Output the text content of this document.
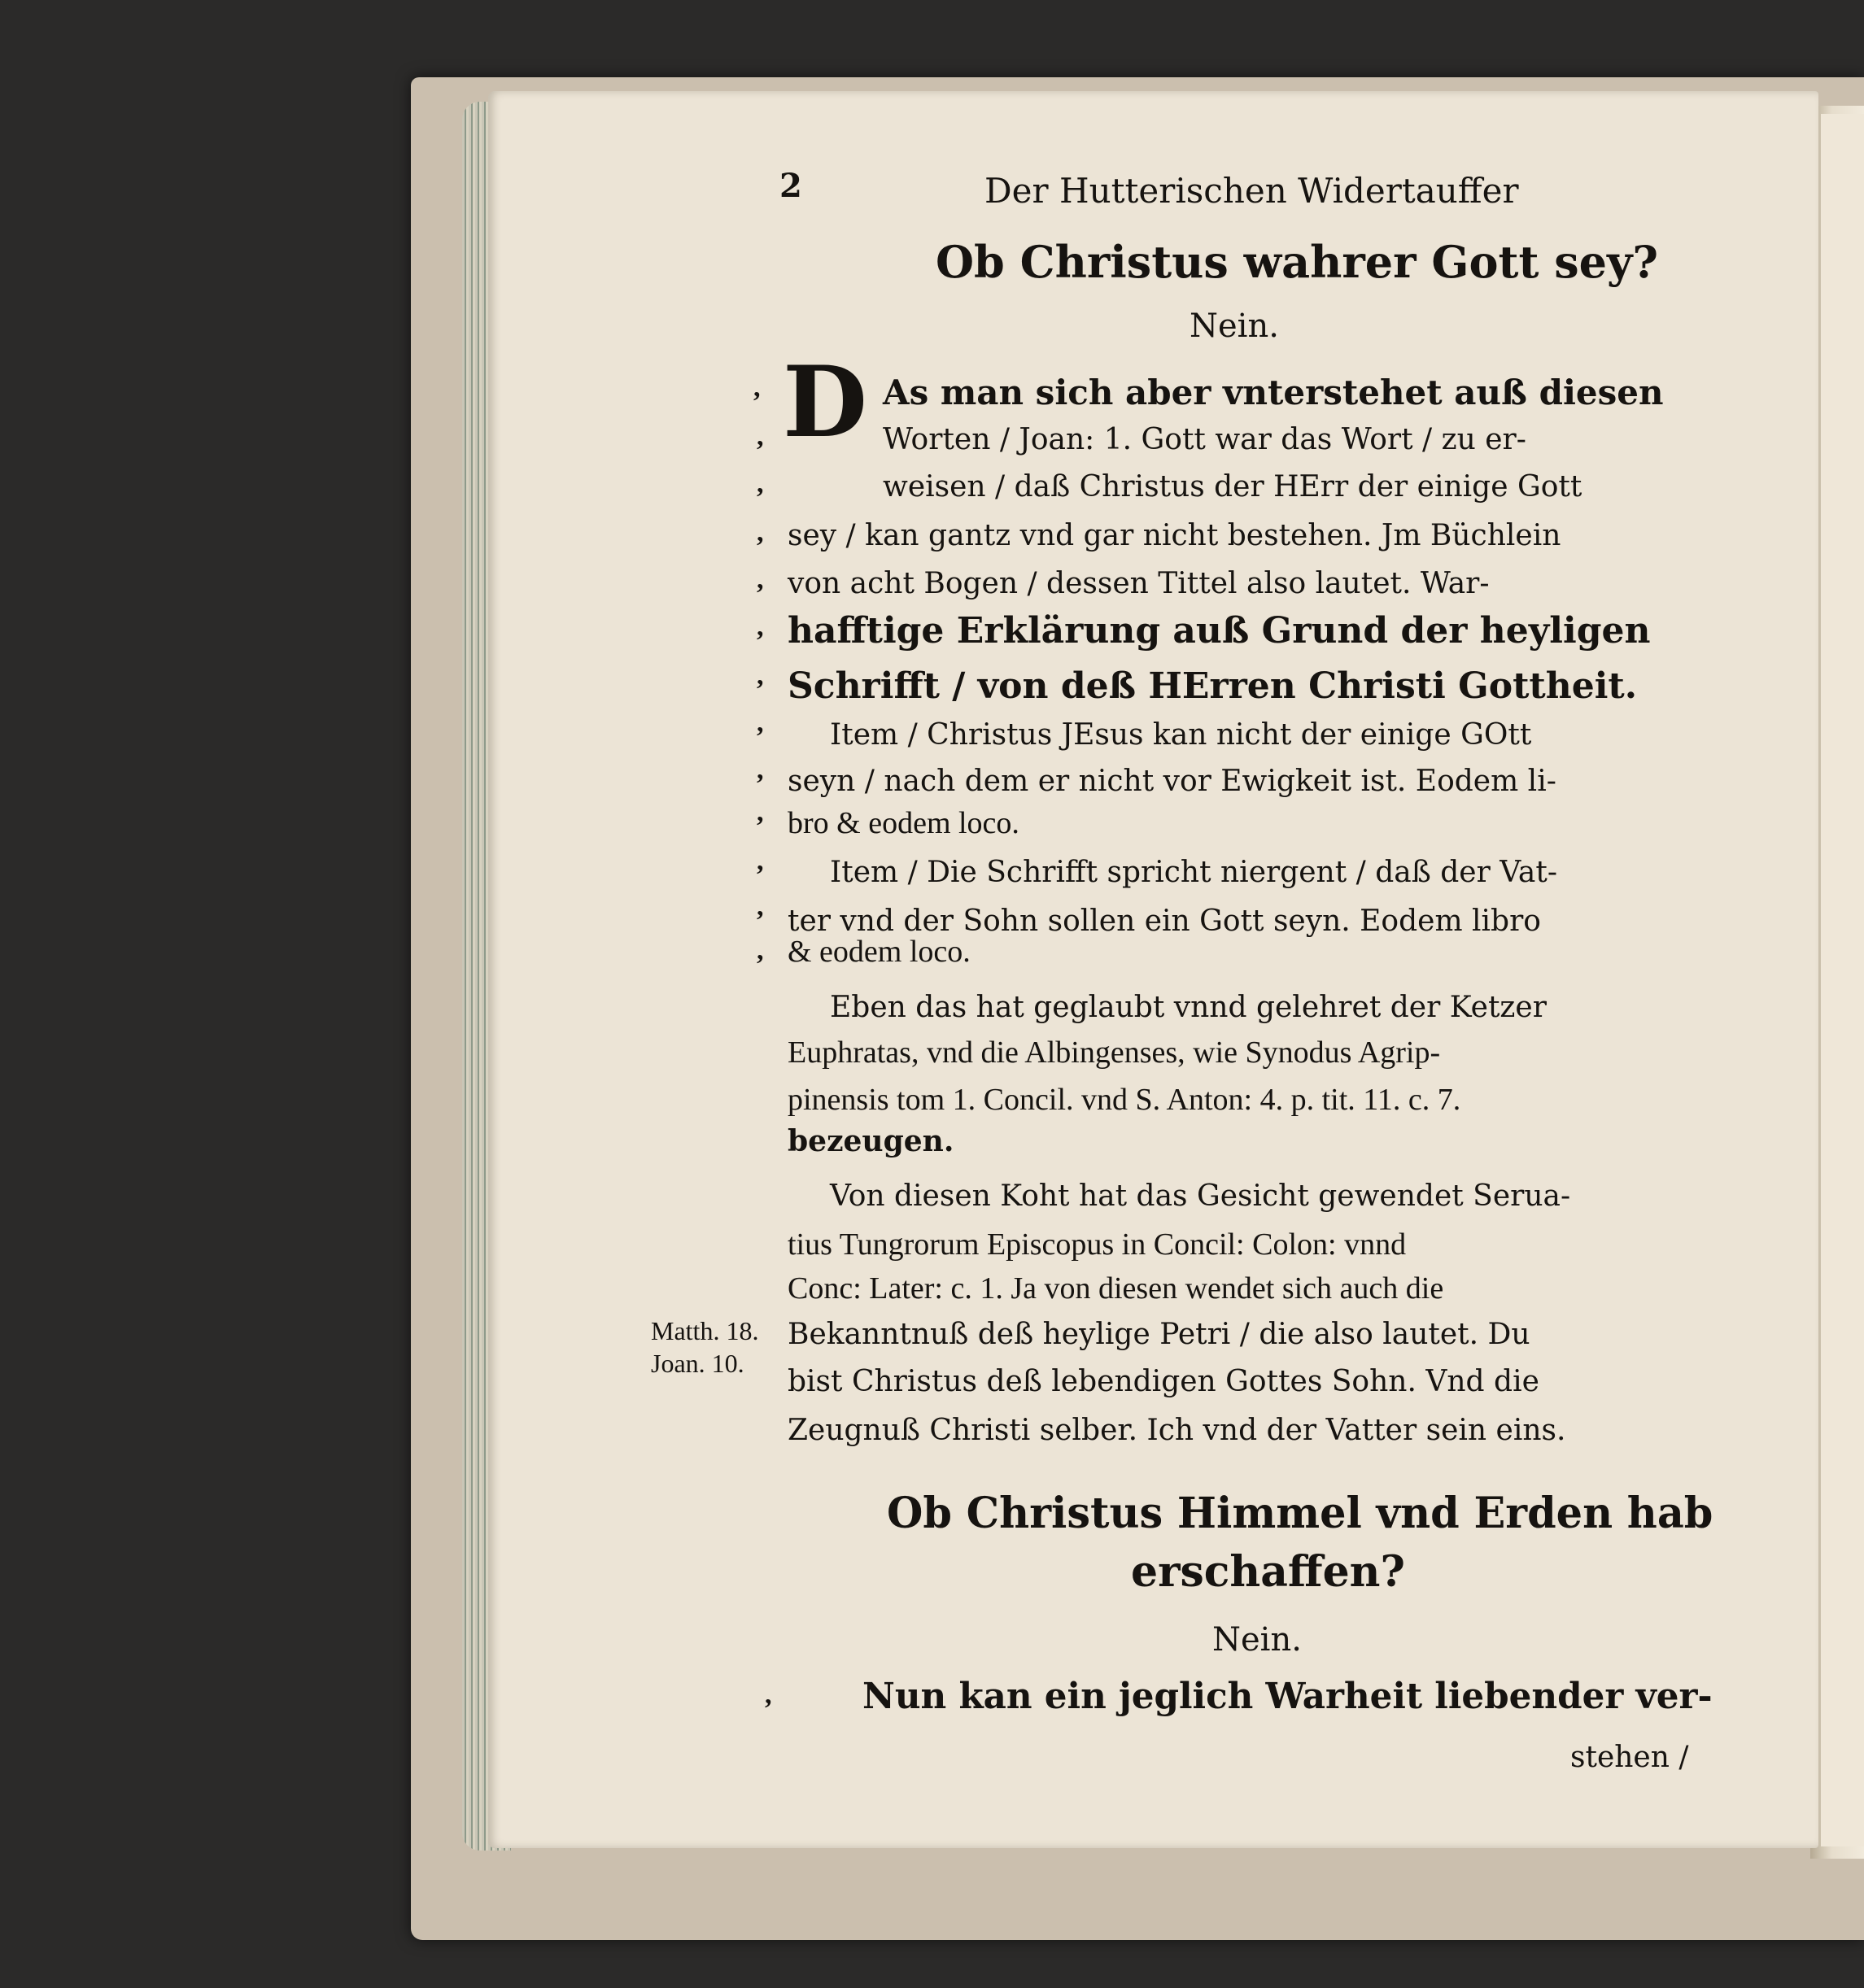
2	Der Hutterischen Widertauffer
Ob Christus wahrer Gott sey?
Nein.
D As man sich aber vnterstehet auß diesen
Worten / Joan: 1. Gott war das Wort / zu er-
weisen / daß Christus der HErr der einige Gott
sey / kan gantz vnd gar nicht bestehen. Jm Büchlein
von acht Bogen / dessen Tittel also lautet. War-
hafftige Erklärung auß Grund der heyligen
Schrifft / von deß HErren Christi Gottheit.
Item / Christus JEsus kan nicht der einige GOtt
seyn / nach dem er nicht vor Ewigkeit ist. Eodem li-
bro & eodem loco.
Item / Die Schrifft spricht niergent / daß der Vat-
ter vnd der Sohn sollen ein Gott seyn. Eodem libro
& eodem loco.
Eben das hat geglaubt vnnd gelehret der Ketzer
Euphratas, vnd die Albingenses, wie Synodus Agrip-
pinensis tom 1. Concil. vnd S. Anton: 4. p. tit. 11. c. 7.
bezeugen.
Von diesen Koht hat das Gesicht gewendet Serua-
tius Tungrorum Episcopus in Concil: Colon: vnnd
Conc: Later: c. 1. Ja von diesen wendet sich auch die
Bekanntnuß deß heylige Petri / die also lautet. Du
bist Christus deß lebendigen Gottes Sohn. Vnd die
Zeugnuß Christi selber. Ich vnd der Vatter sein eins.
,
,
,
,
,
,
,
,
,
,
,
,
,
,
Matth. 18.
Joan. 10.
Ob Christus Himmel vnd Erden hab
erschaffen?
Nein.
Nun kan ein jeglich Warheit liebender ver-
stehen /
